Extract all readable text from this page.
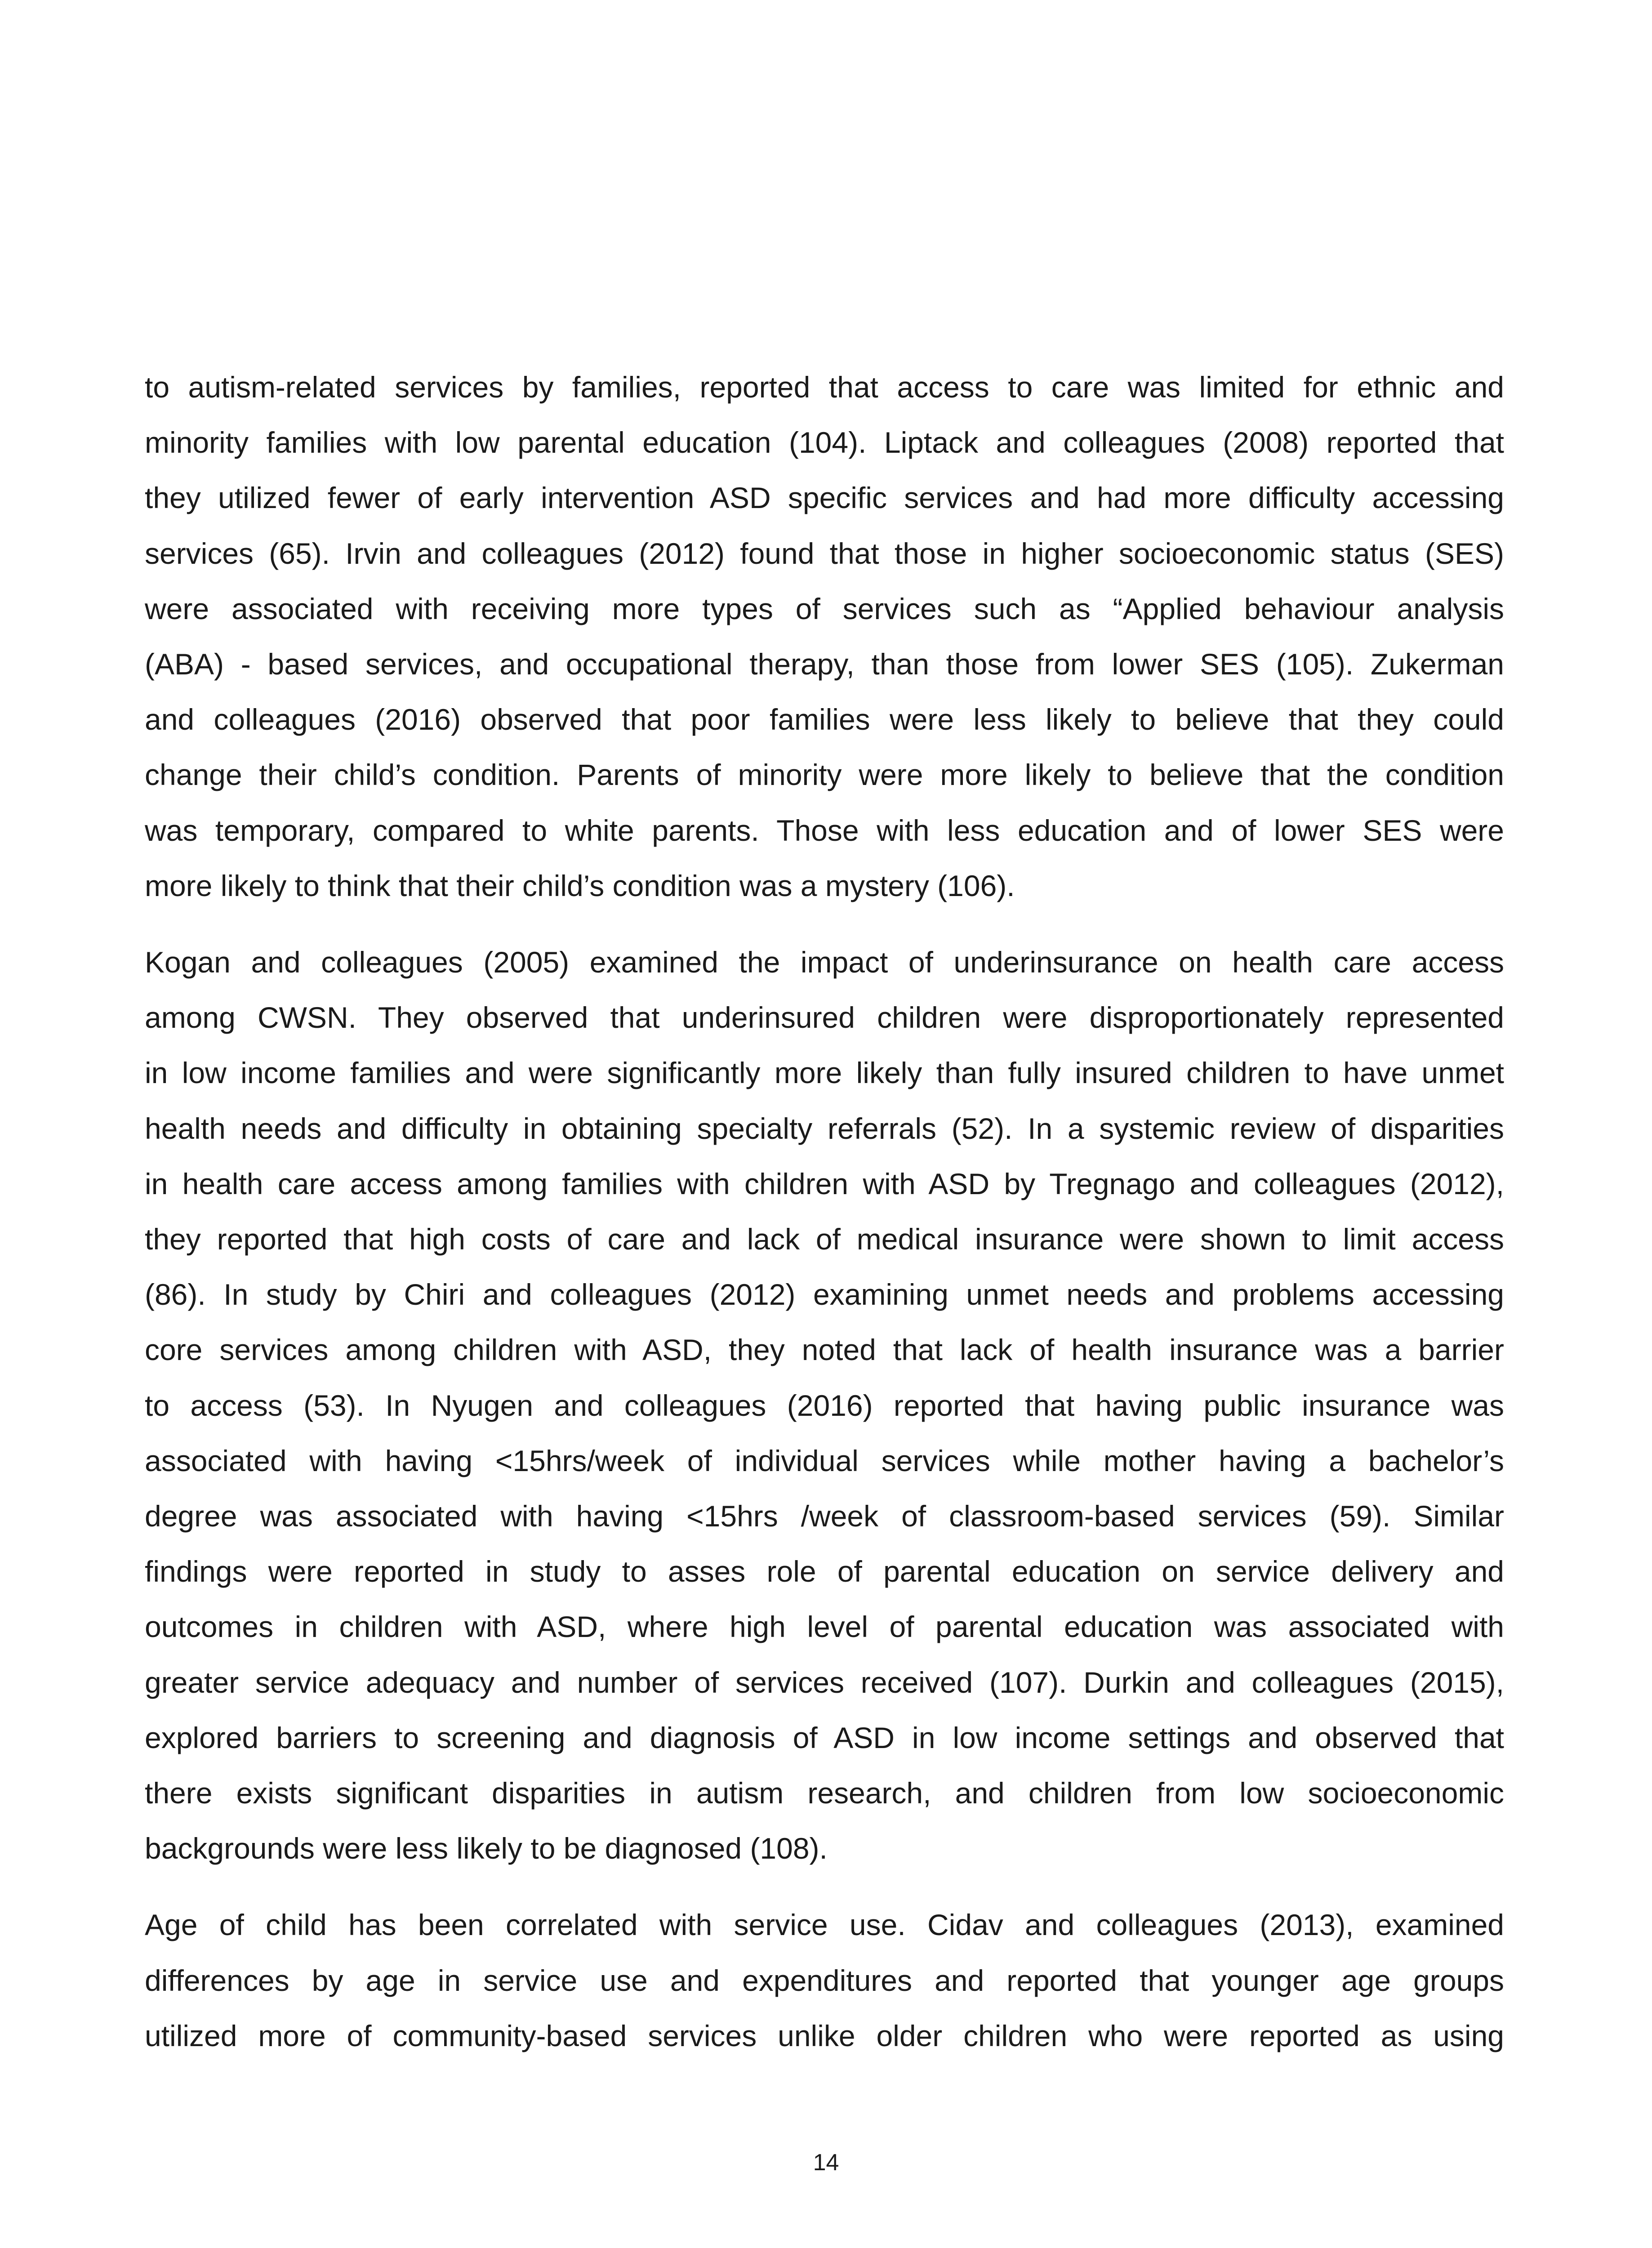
to autism-related services by families, reported that access to care was limited for ethnic and
minority families with low parental education (104). Liptack and colleagues (2008) reported that
they utilized fewer of early intervention ASD specific services and had more difficulty accessing
services (65). Irvin and colleagues (2012) found that those in higher socioeconomic status (SES)
were associated with receiving more types of services such as “Applied behaviour analysis
(ABA) - based services, and occupational therapy, than those from lower SES (105). Zukerman
and colleagues (2016) observed that poor families were less likely to believe that they could
change their child’s condition. Parents of minority were more likely to believe that the condition
was temporary, compared to white parents. Those with less education and of lower SES were
more likely to think that their child’s condition was a mystery (106).
Kogan and colleagues (2005) examined the impact of underinsurance on health care access
among CWSN. They observed that underinsured children were disproportionately represented
in low income families and were significantly more likely than fully insured children to have unmet
health needs and difficulty in obtaining specialty referrals (52). In a systemic review of disparities
in health care access among families with children with ASD by Tregnago and colleagues (2012),
they reported that high costs of care and lack of medical insurance were shown to limit access
(86). In study by Chiri and colleagues (2012) examining unmet needs and problems accessing
core services among children with ASD, they noted that lack of health insurance was a barrier
to access (53). In Nyugen and colleagues (2016) reported that having public insurance was
associated with having <15hrs/week of individual services while mother having a bachelor’s
degree was associated with having <15hrs /week of classroom-based services (59). Similar
findings were reported in study to asses role of parental education on service delivery and
outcomes in children with ASD, where high level of parental education was associated with
greater service adequacy and number of services received (107). Durkin and colleagues (2015),
explored barriers to screening and diagnosis of ASD in low income settings and observed that
there exists significant disparities in autism research, and children from low socioeconomic
backgrounds were less likely to be diagnosed (108).
Age of child has been correlated with service use. Cidav and colleagues (2013), examined
differences by age in service use and expenditures and reported that younger age groups
utilized more of community-based services unlike older children who were reported as using
14
